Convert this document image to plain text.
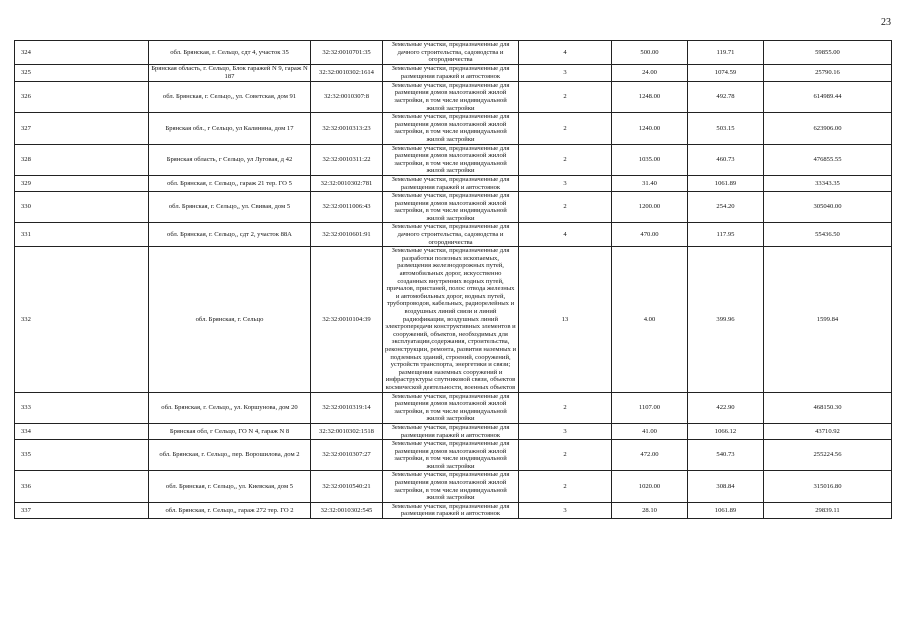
23
324	обл. Брянская, г. Сельцо, сдт 4, участок 35	32:32:0010701:35	Земельные участки, предназначенные для дачного строительства, садоводства и огородничества	4	500.00	119.71	59855.00
325	Брянская область, г. Сельцо, Блок гаражей N 9, гараж N 187	32:32:0010302:1614	Земельные участки, предназначенные для размещения гаражей и автостоянок	3	24.00	1074.59	25790.16
326	обл. Брянская, г. Сельцо,, ул. Советская, дом 91	32:32:0010307:8	Земельные участки, предназначенные для размещения домов малоэтажной жилой застройки, в том числе индивидуальной жилой застройки	2	1248.00	492.78	614989.44
327	Брянская обл., г Сельцо, ул Калинина, дом 17	32:32:0010313:23	Земельные участки, предназначенные для размещения домов малоэтажной жилой застройки, в том числе индивидуальной жилой застройки	2	1240.00	503.15	623906.00
328	Брянская область, г Сельцо, ул Луговая, д 42	32:32:0010311:22	Земельные участки, предназначенные для размещения домов малоэтажной жилой застройки, в том числе индивидуальной жилой застройки	2	1035.00	460.73	476855.55
329	обл. Брянская, г. Сельцо,, гараж 21 тер. ГО 5	32:32:0010302:781	Земельные участки, предназначенные для размещения гаражей и автостоянок	3	31.40	1061.89	33343.35
330	обл. Брянская, г. Сельцо,, ул. Свивая, дом 5	32:32:0011006:43	Земельные участки, предназначенные для размещения домов малоэтажной жилой застройки, в том числе индивидуальной жилой застройки	2	1200.00	254.20	305040.00
331	обл. Брянская, г. Сельцо,, сдт 2, участок 88А	32:32:0010601:91	Земельные участки, предназначенные для дачного строительства, садоводства и огородничества	4	470.00	117.95	55436.50
332	обл. Брянская, г. Сельцо	32:32:0010104:39	Земельные участки, предназначенные для разработки полезных ископаемых, размещения железнодорожных путей, автомобильных дорог, искусственно созданных внутренних водных путей, причалов, пристаней, полос отвода железных и автомобильных дорог, водных путей, трубопроводов, кабельных, радиорелейных и воздушных линий связи и линий радиофикации, воздушных линий электропередачи конструктивных элементов и сооружений, объектов, необходимых для эксплуатации,содержания, строительства, реконструкции, ремонта, развития наземных и подземных зданий, строений, сооружений, устройств транспорта, энергетики и связи; размещения наземных сооружений и инфраструктуры спутниковой связи, объектов космической деятельности, военных объектов	13	4.00	399.96	1599.84
333	обл. Брянская, г. Сельцо,, ул. Коршунова, дом 20	32:32:0010319:14	Земельные участки, предназначенные для размещения домов малоэтажной жилой застройки, в том числе индивидуальной жилой застройки	2	1107.00	422.90	468150.30
334	Брянская обл, г Сельцо, ГО N 4, гараж N 8	32:32:0010302:1518	Земельные участки, предназначенные для размещения гаражей и автостоянок	3	41.00	1066.12	43710.92
335	обл. Брянская, г. Сельцо,, пер. Ворошилова, дом 2	32:32:0010307:27	Земельные участки, предназначенные для размещения домов малоэтажной жилой застройки, в том числе индивидуальной жилой застройки	2	472.00	540.73	255224.56
336	обл. Брянская, г. Сельцо,, ул. Киевская, дом 5	32:32:0010540:21	Земельные участки, предназначенные для размещения домов малоэтажной жилой застройки, в том числе индивидуальной жилой застройки	2	1020.00	308.84	315016.80
337	обл. Брянская, г. Сельцо,, гараж 272 тер. ГО 2	32:32:0010302:545	Земельные участки, предназначенные для размещения гаражей и автостоянок	3	28.10	1061.89	29839.11
